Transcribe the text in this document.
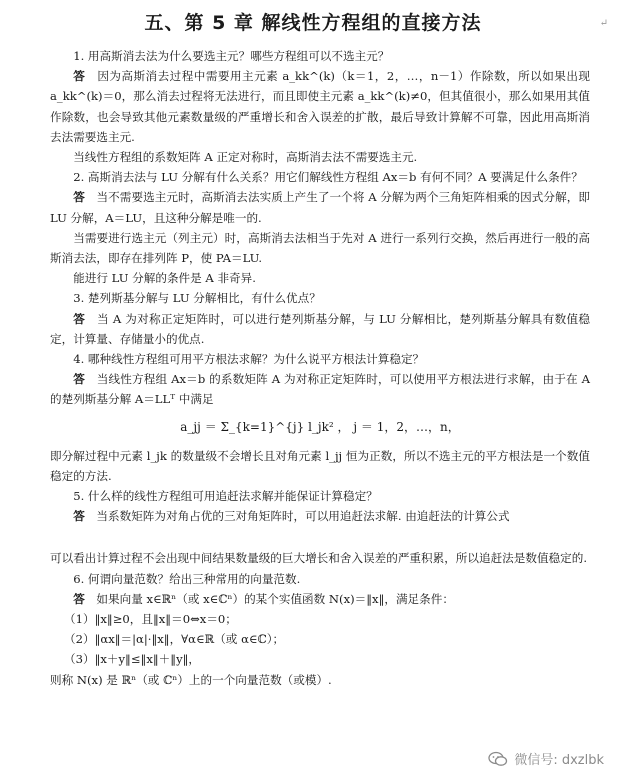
五、第 5 章 解线性方程组的直接方法

1. 用高斯消去法为什么要选主元？哪些方程组可以不选主元？

答　 因为高斯消去过程中需要用主元素 a_kk^(k)（k＝1，2，…，n－1）作除数，所以如果出现 a_kk^(k)＝0，那么消去过程将无法进行，而且即使主元素 a_kk^(k)≠0，但其值很小，那么如果用其值作除数，也会导致其他元素数量级的严重增长和舍入误差的扩散，最后导致计算解不可靠，因此用高斯消去法需要选主元.

当线性方程组的系数矩阵 A 正定对称时，高斯消去法不需要选主元.

2. 高斯消去法与 LU 分解有什么关系？用它们解线性方程组 Ax＝b 有何不同？A 要满足什么条件？

答　 当不需要选主元时，高斯消去法实质上产生了一个将 A 分解为两个三角矩阵相乘的因式分解，即 LU 分解，A＝LU，且这种分解是唯一的.

当需要进行选主元（列主元）时，高斯消去法相当于先对 A 进行一系列行交换，然后再进行一般的高斯消去法，即存在排列阵 P，使 PA＝LU.

能进行 LU 分解的条件是 A 非奇异.

3. 楚列斯基分解与 LU 分解相比，有什么优点？

答　 当 A 为对称正定矩阵时，可以进行楚列斯基分解，与 LU 分解相比，楚列斯基分解具有数值稳定，计算量、存储量小的优点.

4. 哪种线性方程组可用平方根法求解？为什么说平方根法计算稳定？

答　 当线性方程组 Ax＝b 的系数矩阵 A 为对称正定矩阵时，可以使用平方根法进行求解，由于在 A 的楚列斯基分解 A＝LLᵀ 中满足

a_jj ＝ Σ_{k=1}^{j} l_jk² ， j ＝ 1，2，…，n，

即分解过程中元素 l_jk 的数量级不会增长且对角元素 l_jj 恒为正数，所以不选主元的平方根法是一个数值稳定的方法.

5. 什么样的线性方程组可用追赶法求解并能保证计算稳定？

答　 当系数矩阵为对角占优的三对角矩阵时，可以用追赶法求解. 由追赶法的计算公式

可以看出计算过程不会出现中间结果数量级的巨大增长和舍入误差的严重积累，所以追赶法是数值稳定的.

6. 何谓向量范数？给出三种常用的向量范数.

答　 如果向量 x∈ℝⁿ（或 x∈ℂⁿ）的某个实值函数 N(x)＝‖x‖，满足条件：

（1）‖x‖≥0，且‖x‖＝0⇔x＝0；

（2）‖αx‖＝|α|·‖x‖，∀α∈ℝ（或 α∈ℂ）；

（3）‖x＋y‖≤‖x‖＋‖y‖，

则称 N(x) 是 ℝⁿ（或 ℂⁿ）上的一个向量范数（或模）.

↵
微信号: dxzlbk
